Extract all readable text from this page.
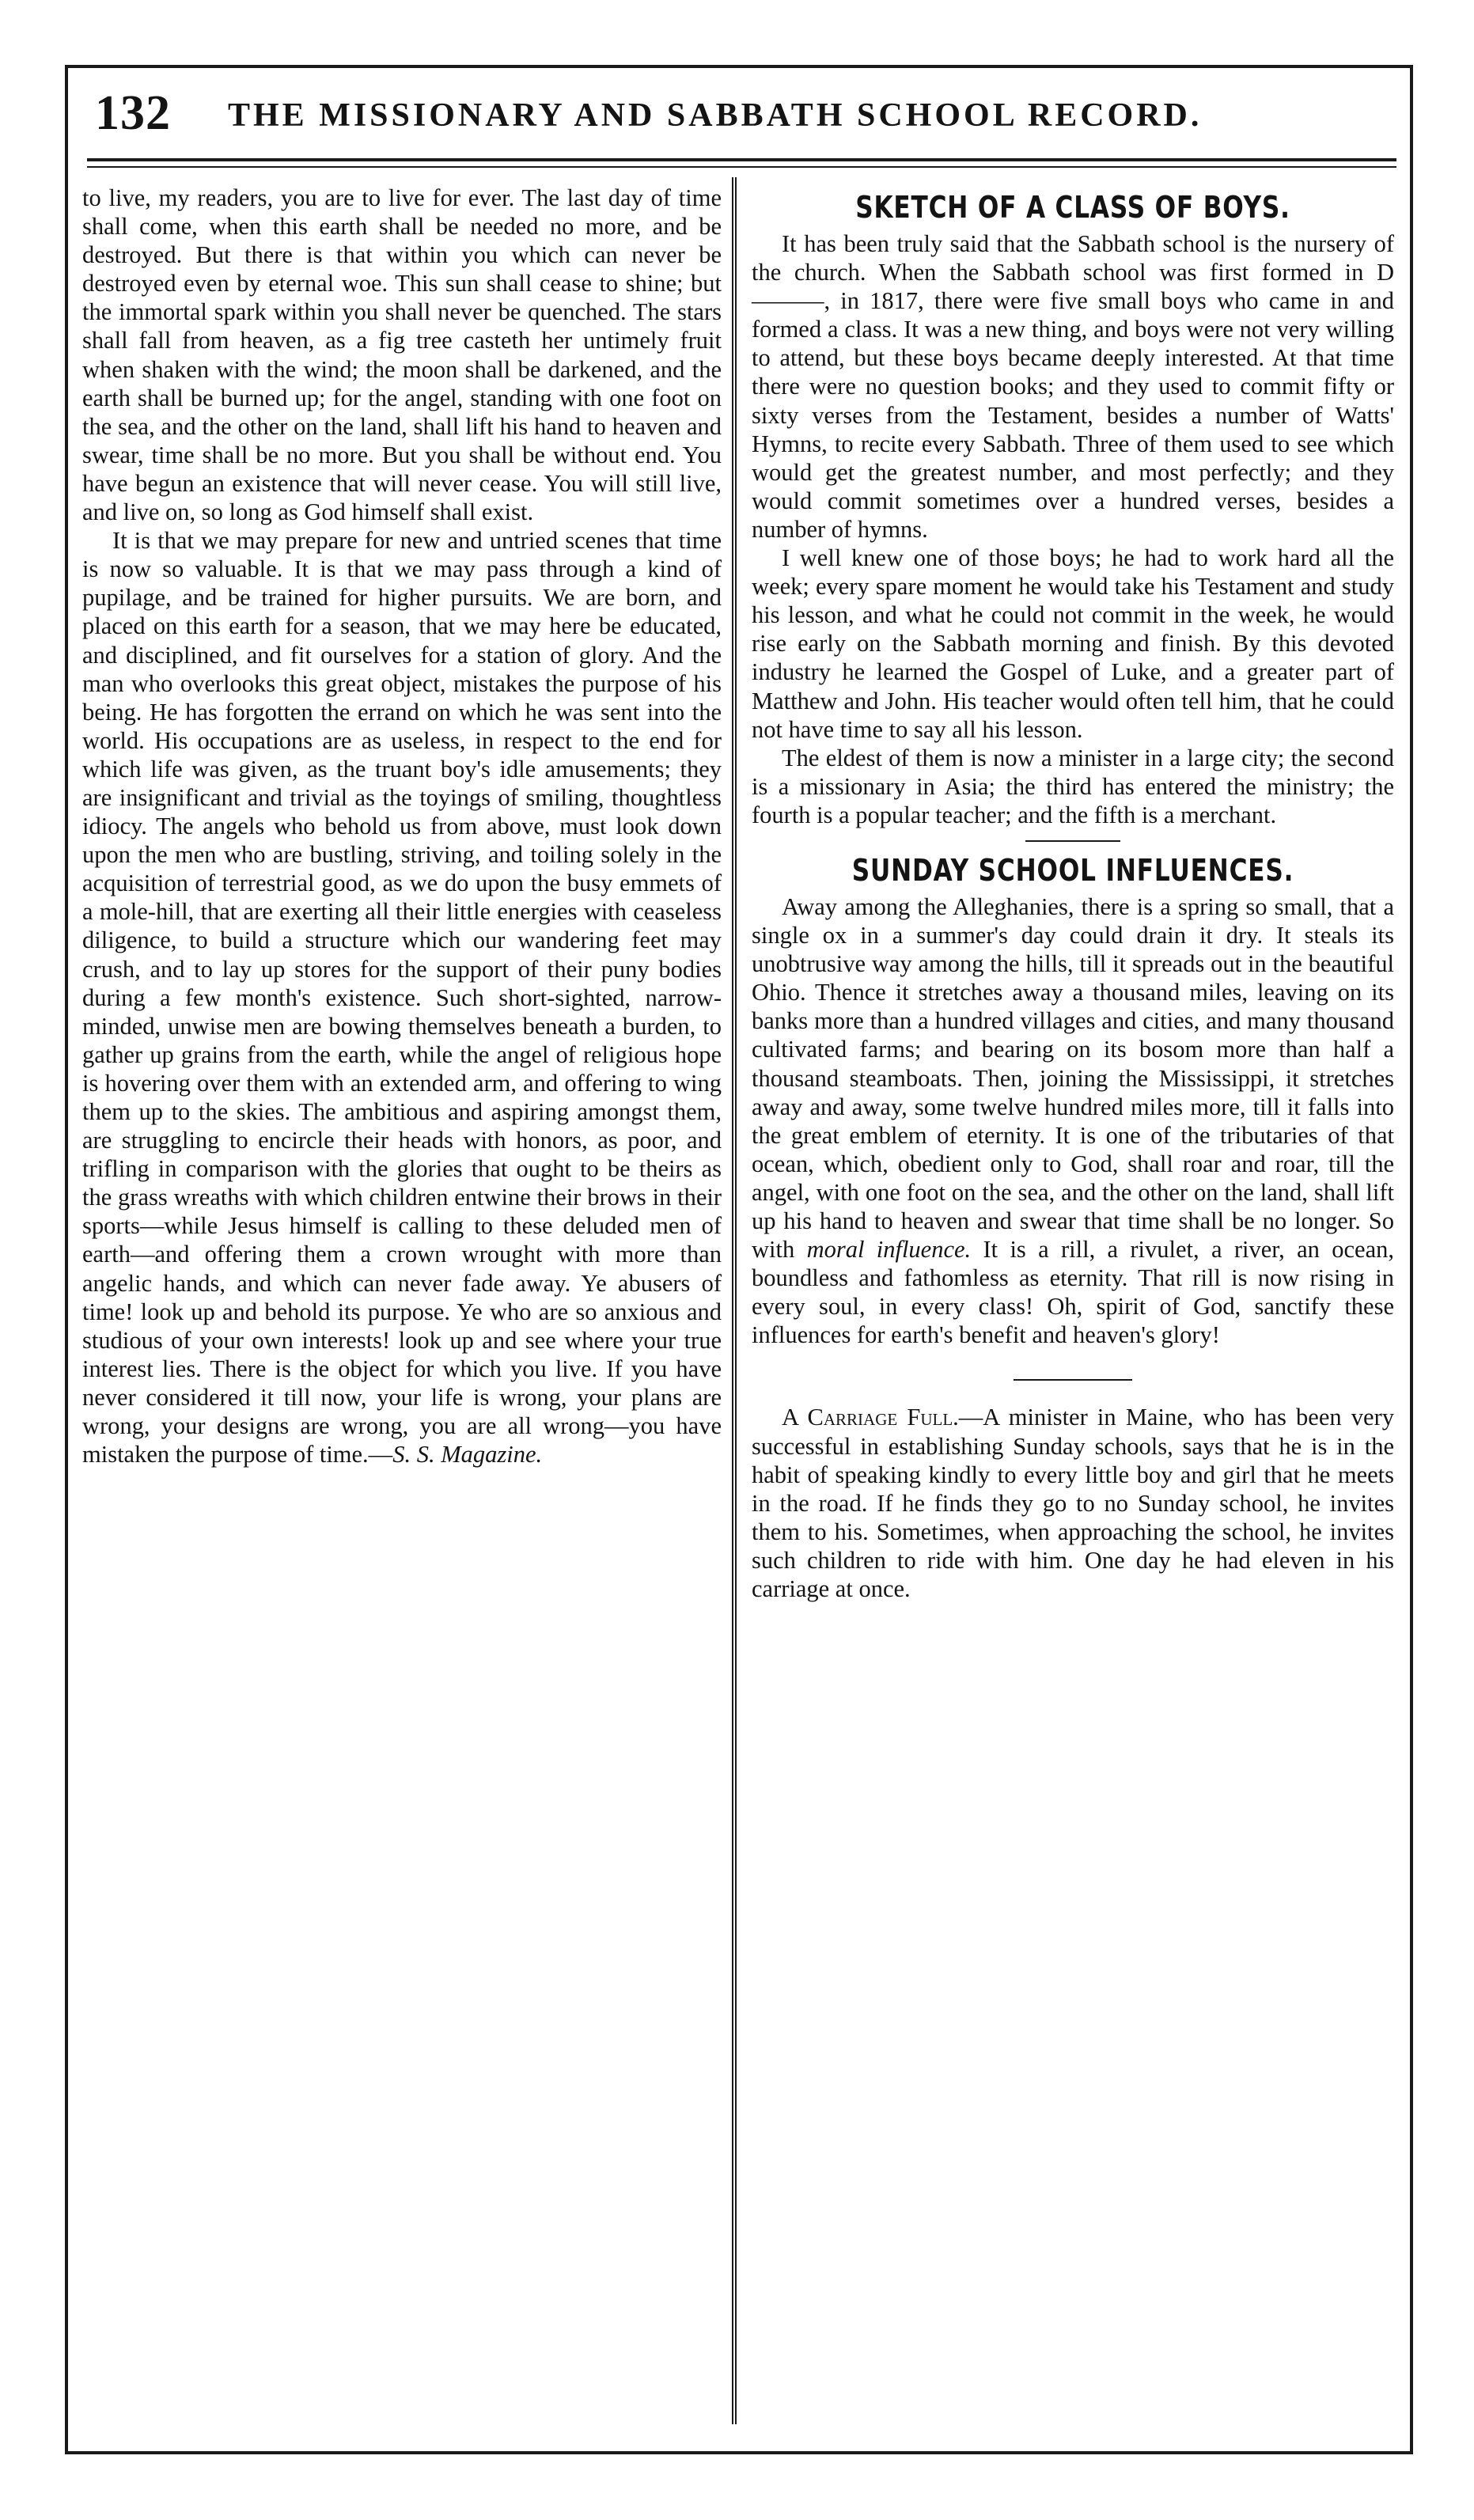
132 THE MISSIONARY AND SABBATH SCHOOL RECORD.

to live, my readers, you are to live for ever. The last day of time shall come, when this earth shall be needed no more, and be destroyed. But there is that within you which can never be destroyed even by eternal woe. This sun shall cease to shine; but the immortal spark within you shall never be quenched. The stars shall fall from heaven, as a fig tree casteth her untimely fruit when shaken with the wind; the moon shall be darkened, and the earth shall be burned up; for the angel, standing with one foot on the sea, and the other on the land, shall lift his hand to heaven and swear, time shall be no more. But you shall be without end. You have begun an existence that will never cease. You will still live, and live on, so long as God himself shall exist.

It is that we may prepare for new and untried scenes that time is now so valuable. It is that we may pass through a kind of pupilage, and be trained for higher pursuits. We are born, and placed on this earth for a season, that we may here be educated, and disciplined, and fit ourselves for a station of glory. And the man who overlooks this great object, mistakes the purpose of his being. He has forgotten the errand on which he was sent into the world. His occupations are as useless, in respect to the end for which life was given, as the truant boy's idle amusements; they are insignificant and trivial as the toyings of smiling, thoughtless idiocy. The angels who behold us from above, must look down upon the men who are bustling, striving, and toiling solely in the acquisition of terrestrial good, as we do upon the busy emmets of a mole-hill, that are exerting all their little energies with ceaseless diligence, to build a structure which our wandering feet may crush, and to lay up stores for the support of their puny bodies during a few month's existence. Such short-sighted, narrow-minded, unwise men are bowing themselves beneath a burden, to gather up grains from the earth, while the angel of religious hope is hovering over them with an extended arm, and offering to wing them up to the skies. The ambitious and aspiring amongst them, are struggling to encircle their heads with honors, as poor, and trifling in comparison with the glories that ought to be theirs as the grass wreaths with which children entwine their brows in their sports—while Jesus himself is calling to these deluded men of earth—and offering them a crown wrought with more than angelic hands, and which can never fade away. Ye abusers of time! look up and behold its purpose. Ye who are so anxious and studious of your own interests! look up and see where your true interest lies. There is the object for which you live. If you have never considered it till now, your life is wrong, your plans are wrong, your designs are wrong, you are all wrong—you have mistaken the purpose of time.—S. S. Magazine.

SKETCH OF A CLASS OF BOYS.

It has been truly said that the Sabbath school is the nursery of the church. When the Sabbath school was first formed in D———, in 1817, there were five small boys who came in and formed a class. It was a new thing, and boys were not very willing to attend, but these boys became deeply interested. At that time there were no question books; and they used to commit fifty or sixty verses from the Testament, besides a number of Watts' Hymns, to recite every Sabbath. Three of them used to see which would get the greatest number, and most perfectly; and they would commit sometimes over a hundred verses, besides a number of hymns.

I well knew one of those boys; he had to work hard all the week; every spare moment he would take his Testament and study his lesson, and what he could not commit in the week, he would rise early on the Sabbath morning and finish. By this devoted industry he learned the Gospel of Luke, and a greater part of Matthew and John. His teacher would often tell him, that he could not have time to say all his lesson.

The eldest of them is now a minister in a large city; the second is a missionary in Asia; the third has entered the ministry; the fourth is a popular teacher; and the fifth is a merchant.

SUNDAY SCHOOL INFLUENCES.

Away among the Alleghanies, there is a spring so small, that a single ox in a summer's day could drain it dry. It steals its unobtrusive way among the hills, till it spreads out in the beautiful Ohio. Thence it stretches away a thousand miles, leaving on its banks more than a hundred villages and cities, and many thousand cultivated farms; and bearing on its bosom more than half a thousand steamboats. Then, joining the Mississippi, it stretches away and away, some twelve hundred miles more, till it falls into the great emblem of eternity. It is one of the tributaries of that ocean, which, obedient only to God, shall roar and roar, till the angel, with one foot on the sea, and the other on the land, shall lift up his hand to heaven and swear that time shall be no longer. So with moral influence. It is a rill, a rivulet, a river, an ocean, boundless and fathomless as eternity. That rill is now rising in every soul, in every class! Oh, spirit of God, sanctify these influences for earth's benefit and heaven's glory!

A Carriage Full.—A minister in Maine, who has been very successful in establishing Sunday schools, says that he is in the habit of speaking kindly to every little boy and girl that he meets in the road. If he finds they go to no Sunday school, he invites them to his. Sometimes, when approaching the school, he invites such children to ride with him. One day he had eleven in his carriage at once.
